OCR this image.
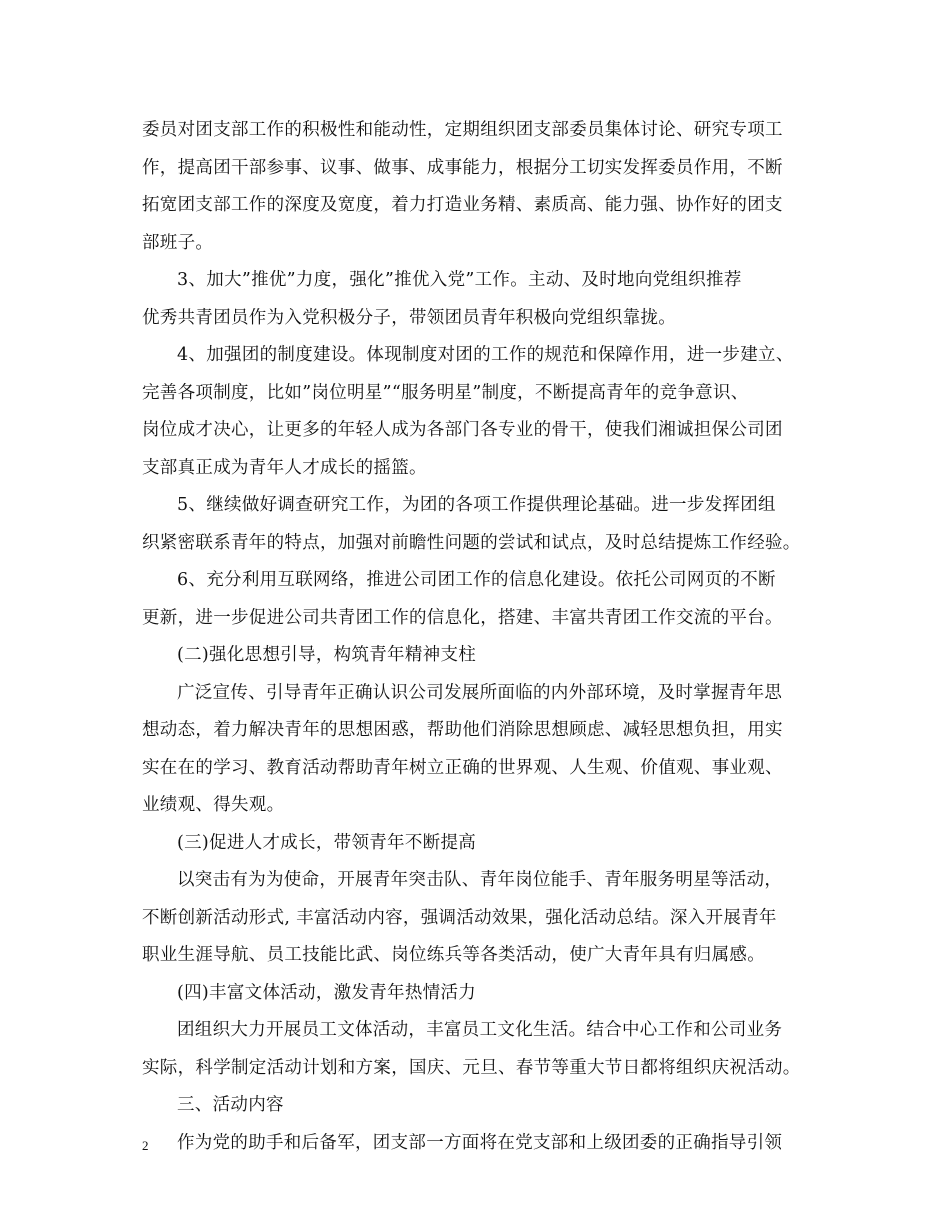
委员对团支部工作的积极性和能动性，定期组织团支部委员集体讨论、研究专项工
作，提高团干部参事、议事、做事、成事能力，根据分工切实发挥委员作用，不断
拓宽团支部工作的深度及宽度，着力打造业务精、素质高、能力强、协作好的团支
部班子。
3、加大”推优”力度，强化”推优入党”工作。主动、及时地向党组织推荐
优秀共青团员作为入党积极分子，带领团员青年积极向党组织靠拢。
4、加强团的制度建设。体现制度对团的工作的规范和保障作用，进一步建立、
完善各项制度，比如”岗位明星”“服务明星”制度，不断提高青年的竞争意识、
岗位成才决心，让更多的年轻人成为各部门各专业的骨干，使我们湘诚担保公司团
支部真正成为青年人才成长的摇篮。
5、继续做好调查研究工作，为团的各项工作提供理论基础。进一步发挥团组
织紧密联系青年的特点，加强对前瞻性问题的尝试和试点，及时总结提炼工作经验。
6、充分利用互联网络，推进公司团工作的信息化建设。依托公司网页的不断
更新，进一步促进公司共青团工作的信息化，搭建、丰富共青团工作交流的平台。
(二)强化思想引导，构筑青年精神支柱
广泛宣传、引导青年正确认识公司发展所面临的内外部环境，及时掌握青年思
想动态，着力解决青年的思想困惑，帮助他们消除思想顾虑、减轻思想负担，用实
实在在的学习、教育活动帮助青年树立正确的世界观、人生观、价值观、事业观、
业绩观、得失观。
(三)促进人才成长，带领青年不断提高
以突击有为为使命，开展青年突击队、青年岗位能手、青年服务明星等活动，
不断创新活动形式, 丰富活动内容，强调活动效果，强化活动总结。深入开展青年
职业生涯导航、员工技能比武、岗位练兵等各类活动，使广大青年具有归属感。
(四)丰富文体活动，激发青年热情活力
团组织大力开展员工文体活动，丰富员工文化生活。结合中心工作和公司业务
实际，科学制定活动计划和方案，国庆、元旦、春节等重大节日都将组织庆祝活动。
三、活动内容
作为党的助手和后备军，团支部一方面将在党支部和上级团委的正确指导引领
2
